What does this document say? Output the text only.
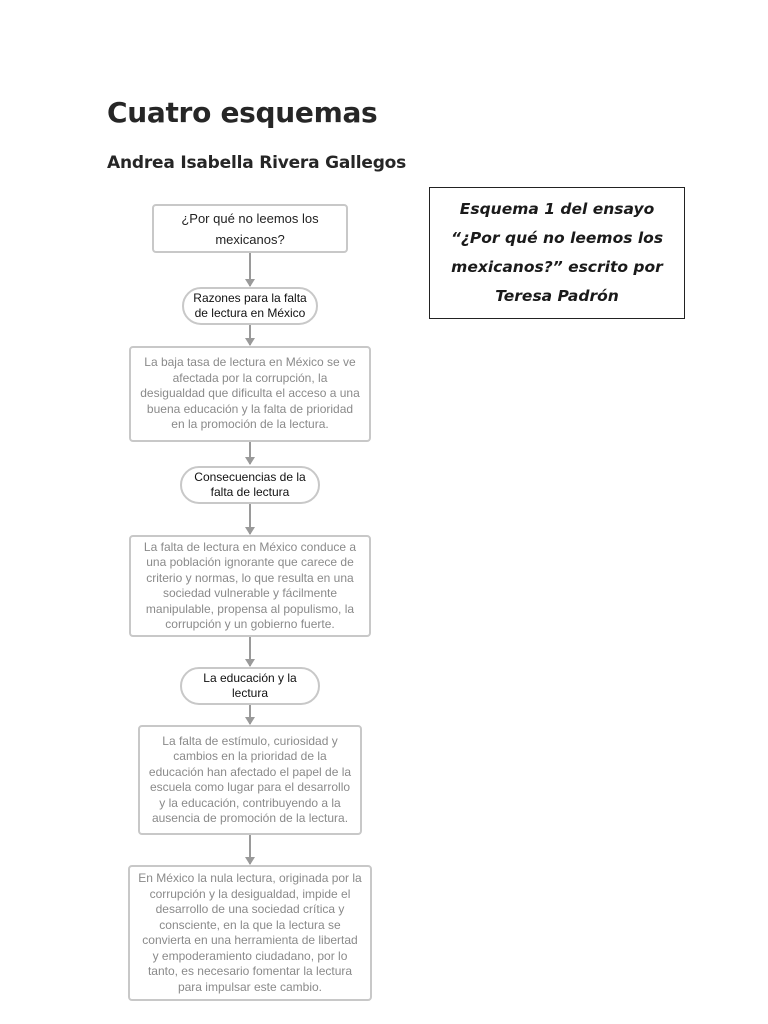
Cuatro esquemas
Andrea Isabella Rivera Gallegos
Esquema 1 del ensayo “¿Por qué no leemos los mexicanos?” escrito por Teresa Padrón
¿Por qué no leemos los mexicanos?
Razones para la falta de lectura en México
La baja tasa de lectura en México se ve afectada por la corrupción, la desigualdad que dificulta el acceso a una buena educación y la falta de prioridad en la promoción de la lectura.
Consecuencias de la falta de lectura
La falta de lectura en México conduce a una población ignorante que carece de criterio y normas, lo que resulta en una sociedad vulnerable y fácilmente manipulable, propensa al populismo, la corrupción y un gobierno fuerte.
La educación y la lectura
La falta de estímulo, curiosidad y cambios en la prioridad de la educación han afectado el papel de la escuela como lugar para el desarrollo y la educación, contribuyendo a la ausencia de promoción de la lectura.
En México la nula lectura, originada por la corrupción y la desigualdad, impide el desarrollo de una sociedad crítica y consciente, en la que la lectura se convierta en una herramienta de libertad y empoderamiento ciudadano, por lo tanto, es necesario fomentar la lectura para impulsar este cambio.
